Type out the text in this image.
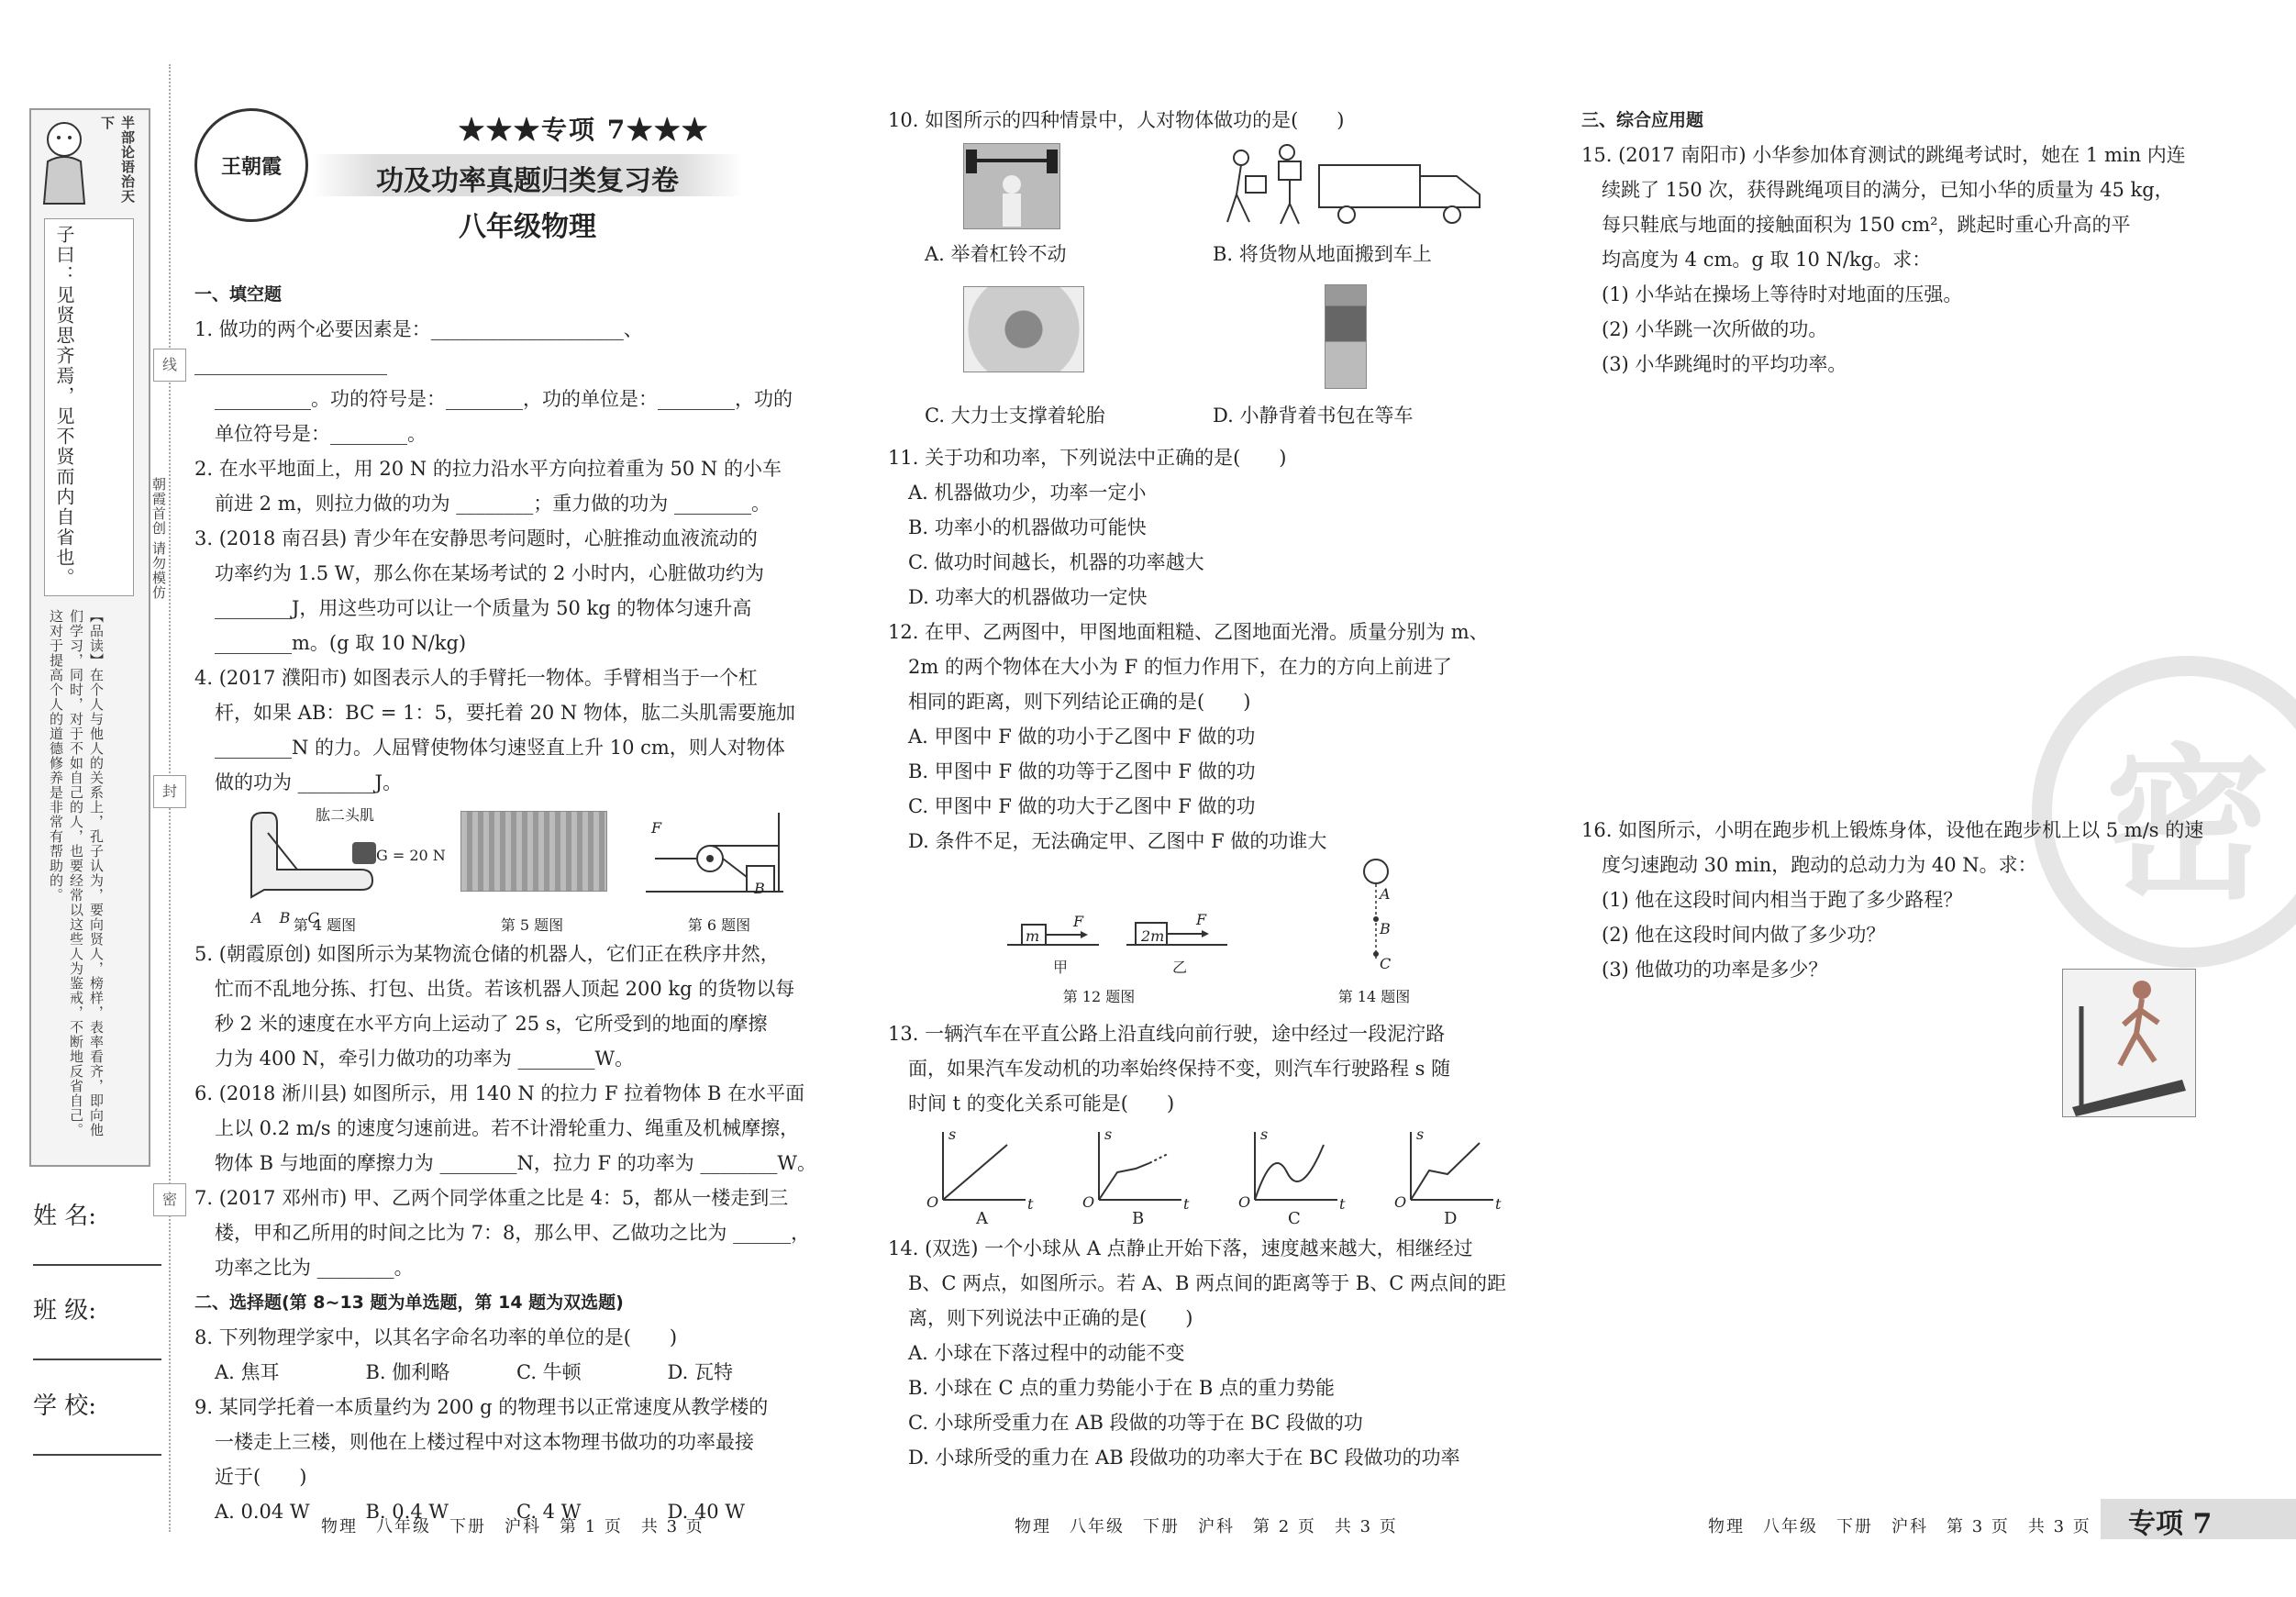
半部论语治天下
子曰：见贤思齐焉，见不贤而内自省也。
【品读】在个人与他人的关系上，孔子认为，要向贤人，榜样，表率看齐，即向他们学习，同时，对于不如自己的人，也要经常以这些人为鉴戒，不断地反省自己。这对于提高个人的道德修养是非常有帮助的。
线
封
密
朝霞首创 请勿模仿
姓 名:
班 级:
学 校:
王朝霞
★★★专项 7★★★
功及功率真题归类复习卷
八年级物理
一、填空题
1. 做功的两个必要因素是：____________________、____________________
__________。功的符号是：________，功的单位是：________，功的
单位符号是：________。
2. 在水平地面上，用 20 N 的拉力沿水平方向拉着重为 50 N 的小车
前进 2 m，则拉力做的功为 ________；重力做的功为 ________。
3. (2018 南召县) 青少年在安静思考问题时，心脏推动血液流动的
功率约为 1.5 W，那么你在某场考试的 2 小时内，心脏做功约为
________J，用这些功可以让一个质量为 50 kg 的物体匀速升高
________m。(g 取 10 N/kg)
4. (2017 濮阳市) 如图表示人的手臂托一物体。手臂相当于一个杠
杆，如果 AB：BC = 1：5，要托着 20 N 物体，肱二头肌需要施加
________N 的力。人屈臂使物体匀速竖直上升 10 cm，则人对物体
做的功为 ________J。
肱二头肌
G = 20 N
A B C
F
B
第 4 题图	第 5 题图	第 6 题图
5. (朝霞原创) 如图所示为某物流仓储的机器人，它们正在秩序井然，
忙而不乱地分拣、打包、出货。若该机器人顶起 200 kg 的货物以每
秒 2 米的速度在水平方向上运动了 25 s，它所受到的地面的摩擦
力为 400 N，牵引力做功的功率为 ________W。
6. (2018 淅川县) 如图所示，用 140 N 的拉力 F 拉着物体 B 在水平面
上以 0.2 m/s 的速度匀速前进。若不计滑轮重力、绳重及机械摩擦，
物体 B 与地面的摩擦力为 ________N，拉力 F 的功率为 ________W。
7. (2017 邓州市) 甲、乙两个同学体重之比是 4：5，都从一楼走到三
楼，甲和乙所用的时间之比为 7：8，那么甲、乙做功之比为 ______，
功率之比为 ________。
二、选择题(第 8~13 题为单选题，第 14 题为双选题)
8. 下列物理学家中，以其名字命名功率的单位的是(　　)
A. 焦耳	B. 伽利略	C. 牛顿	D. 瓦特
9. 某同学托着一本质量约为 200 g 的物理书以正常速度从教学楼的
一楼走上三楼，则他在上楼过程中对这本物理书做功的功率最接
近于(　　)
A. 0.04 W	B. 0.4 W	C. 4 W	D. 40 W
10. 如图所示的四种情景中，人对物体做功的是(　　)
A. 举着杠铃不动	B. 将货物从地面搬到车上
C. 大力士支撑着轮胎	D. 小静背着书包在等车
11. 关于功和功率，下列说法中正确的是(　　)
A. 机器做功少，功率一定小
B. 功率小的机器做功可能快
C. 做功时间越长，机器的功率越大
D. 功率大的机器做功一定快
12. 在甲、乙两图中，甲图地面粗糙、乙图地面光滑。质量分别为 m、
2m 的两个物体在大小为 F 的恒力作用下，在力的方向上前进了
相同的距离，则下列结论正确的是(　　)
A. 甲图中 F 做的功小于乙图中 F 做的功
B. 甲图中 F 做的功等于乙图中 F 做的功
C. 甲图中 F 做的功大于乙图中 F 做的功
D. 条件不足，无法确定甲、乙图中 F 做的功谁大
m	2m
F	F
甲	乙
A
B
C
第 12 题图	第 14 题图
13. 一辆汽车在平直公路上沿直线向前行驶，途中经过一段泥泞路
面，如果汽车发动机的功率始终保持不变，则汽车行驶路程 s 随
时间 t 的变化关系可能是(　　)
O	O	O	O
s	s	s	s
t	t	t	t
A	B	C	D
14. (双选) 一个小球从 A 点静止开始下落，速度越来越大，相继经过
B、C 两点，如图所示。若 A、B 两点间的距离等于 B、C 两点间的距
离，则下列说法中正确的是(　　)
A. 小球在下落过程中的动能不变
B. 小球在 C 点的重力势能小于在 B 点的重力势能
C. 小球所受重力在 AB 段做的功等于在 BC 段做的功
D. 小球所受的重力在 AB 段做功的功率大于在 BC 段做功的功率
密
三、综合应用题
15. (2017 南阳市) 小华参加体育测试的跳绳考试时，她在 1 min 内连
续跳了 150 次，获得跳绳项目的满分，已知小华的质量为 45 kg，
每只鞋底与地面的接触面积为 150 cm²，跳起时重心升高的平
均高度为 4 cm。g 取 10 N/kg。求：
(1) 小华站在操场上等待时对地面的压强。
(2) 小华跳一次所做的功。
(3) 小华跳绳时的平均功率。
16. 如图所示，小明在跑步机上锻炼身体，设他在跑步机上以 5 m/s 的速
度匀速跑动 30 min，跑动的总动力为 40 N。求：
(1) 他在这段时间内相当于跑了多少路程？
(2) 他在这段时间内做了多少功？
(3) 他做功的功率是多少？
物理　八年级　下册　沪科　第 1 页　共 3 页	物理　八年级　下册　沪科　第 2 页　共 3 页	物理　八年级　下册　沪科　第 3 页　共 3 页 专项 7
